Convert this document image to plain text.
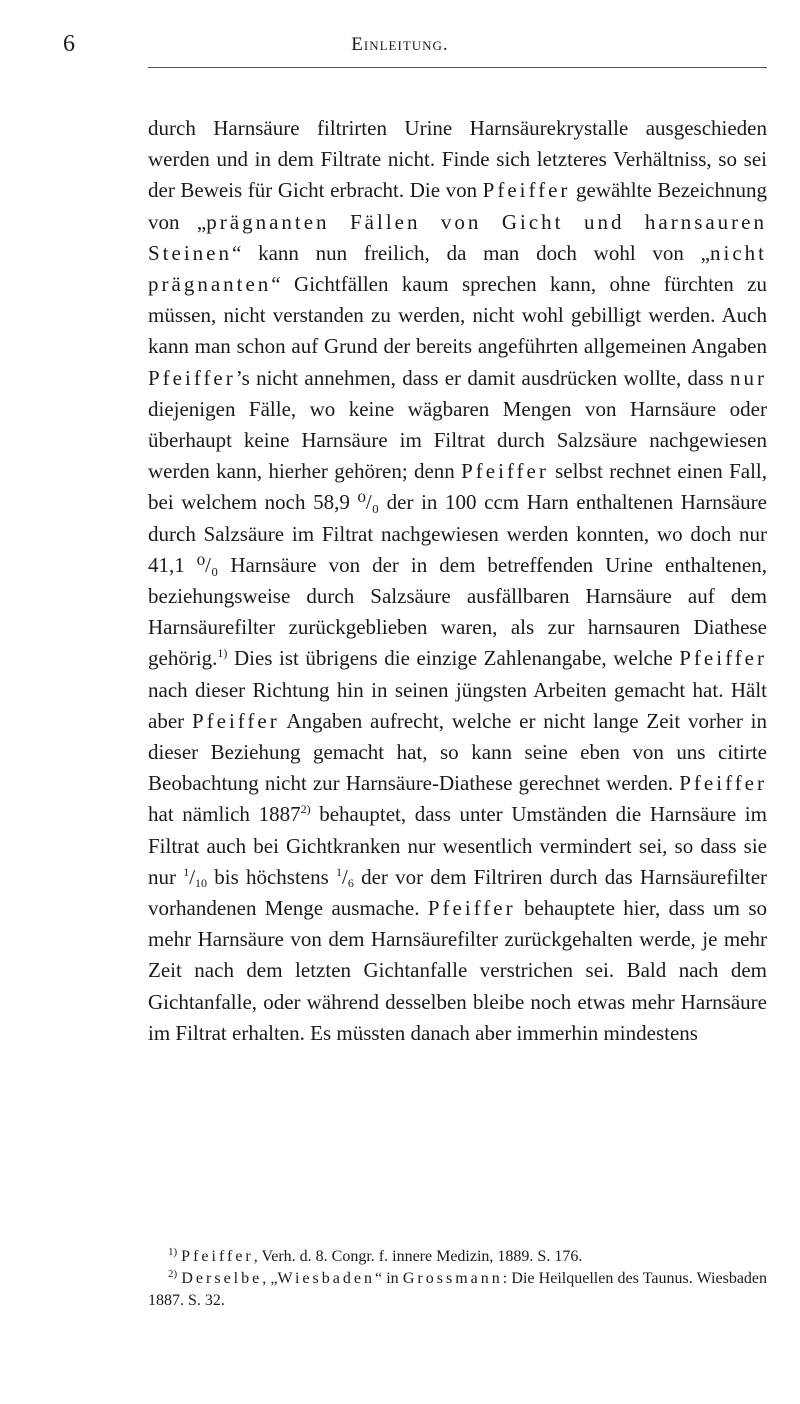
6	Einleitung.
durch Harnsäure filtrirten Urine Harnsäurekrystalle ausgeschieden werden und in dem Filtrate nicht. Finde sich letzteres Verhältniss, so sei der Beweis für Gicht erbracht. Die von Pfeiffer gewählte Bezeichnung von „prägnanten Fällen von Gicht und harnsauren Steinen“ kann nun freilich, da man doch wohl von „nicht prägnanten“ Gichtfällen kaum sprechen kann, ohne fürchten zu müssen, nicht verstanden zu werden, nicht wohl gebilligt werden. Auch kann man schon auf Grund der bereits angeführten allgemeinen Angaben Pfeiffer’s nicht annehmen, dass er damit ausdrücken wollte, dass nur diejenigen Fälle, wo keine wägbaren Mengen von Harnsäure oder überhaupt keine Harnsäure im Filtrat durch Salzsäure nachgewiesen werden kann, hierher gehören; denn Pfeiffer selbst rechnet einen Fall, bei welchem noch 58,9 ⁰/₀ der in 100 ccm Harn enthaltenen Harnsäure durch Salzsäure im Filtrat nachgewiesen werden konnten, wo doch nur 41,1 ⁰/₀ Harnsäure von der in dem betreffenden Urine enthaltenen, beziehungsweise durch Salzsäure ausfällbaren Harnsäure auf dem Harnsäurefilter zurückgeblieben waren, als zur harnsauren Diathese gehörig.$^{1)}$ Dies ist übrigens die einzige Zahlenangabe, welche Pfeiffer nach dieser Richtung hin in seinen jüngsten Arbeiten gemacht hat. Hält aber Pfeiffer Angaben aufrecht, welche er nicht lange Zeit vorher in dieser Beziehung gemacht hat, so kann seine eben von uns citirte Beobachtung nicht zur Harnsäure-Diathese gerechnet werden. Pfeiffer hat nämlich 1887$^{2)}$ behauptet, dass unter Umständen die Harnsäure im Filtrat auch bei Gichtkranken nur wesentlich vermindert sei, so dass sie nur $^1/_{10}$ bis höchstens $^1/_6$ der vor dem Filtriren durch das Harnsäurefilter vorhandenen Menge ausmache. Pfeiffer behauptete hier, dass um so mehr Harnsäure von dem Harnsäurefilter zurückgehalten werde, je mehr Zeit nach dem letzten Gichtanfalle verstrichen sei. Bald nach dem Gichtanfalle, oder während desselben bleibe noch etwas mehr Harnsäure im Filtrat erhalten. Es müssten danach aber immerhin mindestens

$^{1)}$ Pfeiffer, Verh. d. 8. Congr. f. innere Medizin, 1889. S. 176.

$^{2)}$ Derselbe, „Wiesbaden“ in Grossmann: Die Heilquellen des Taunus. Wiesbaden 1887. S. 32.
